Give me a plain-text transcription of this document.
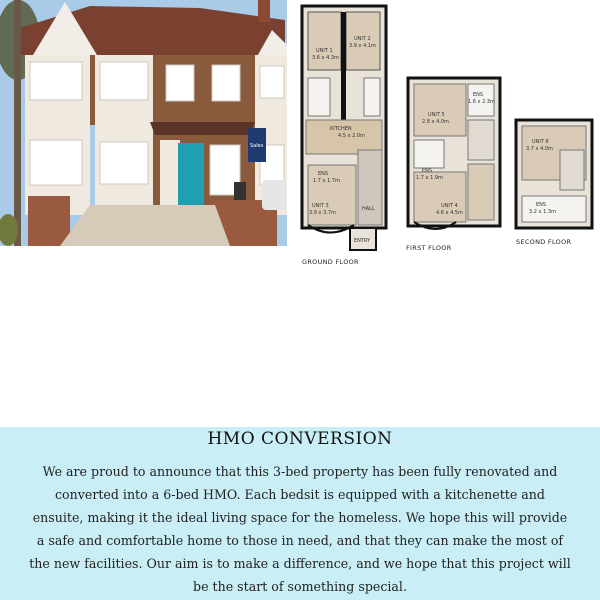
Sales
UNIT 1
3.6 x 4.3m
UNIT 2
3.9 x 4.1m
KITCHEN
4.5 x 2.0m
ENS
1.7 x 1.7m
UNIT 3
3.9 x 3.7m
HALL
ENTRY
ENS
1.6 x 2.3m
UNIT 5
2.8 x 4.0m
ENS
1.7 x 1.9m
UNIT 4
4.6 x 4.5m
UNIT 6
3.7 x 4.0m
ENS
3.2 x 1.3m
GROUND FLOOR
FIRST FLOOR
SECOND FLOOR
HMO CONVERSION
We are proud to announce that this 3-bed property has been fully renovated and converted into a 6-bed HMO. Each bedsit is equipped with a kitchenette and ensuite, making it the ideal living space for the homeless. We hope this will provide a safe and comfortable home to those in need, and that they can make the most of the new facilities. Our aim is to make a difference, and we hope that this project will be the start of something special.
